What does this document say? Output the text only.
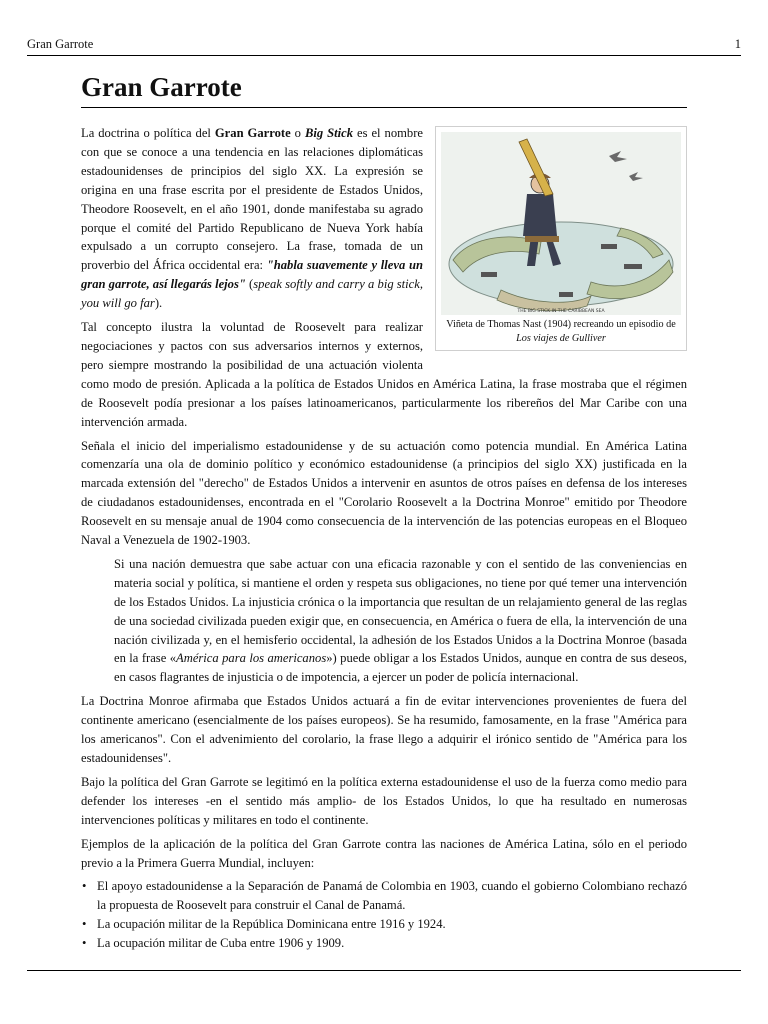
Gran Garrote	1
Gran Garrote
THE BIG STICK IN THE CARIBBEAN SEA
Viñeta de Thomas Nast (1904) recreando un episodio de Los viajes de Gulliver

La doctrina o política del Gran Garrote o Big Stick es el nombre con que se conoce a una tendencia en las relaciones diplomáticas estadounidenses de principios del siglo XX. La expresión se origina en una frase escrita por el presidente de Estados Unidos, Theodore Roosevelt, en el año 1901, donde manifestaba su agrado porque el comité del Partido Republicano de Nueva York había expulsado a un corrupto consejero. La frase, tomada de un proverbio del África occidental era: "habla suavemente y lleva un gran garrote, así llegarás lejos" (speak softly and carry a big stick, you will go far).

Tal concepto ilustra la voluntad de Roosevelt para realizar negociaciones y pactos con sus adversarios internos y externos, pero siempre mostrando la posibilidad de una actuación violenta como modo de presión. Aplicada a la política de Estados Unidos en América Latina, la frase mostraba que el régimen de Roosevelt podía presionar a los países latinoamericanos, particularmente los ribereños del Mar Caribe con una intervención armada.

Señala el inicio del imperialismo estadounidense y de su actuación como potencia mundial. En América Latina comenzaría una ola de dominio político y económico estadounidense (a principios del siglo XX) justificada en la marcada extensión del "derecho" de Estados Unidos a intervenir en asuntos de otros países en defensa de los intereses de ciudadanos estadounidenses, encontrada en el "Corolario Roosevelt a la Doctrina Monroe" emitido por Theodore Roosevelt en su mensaje anual de 1904 como consecuencia de la intervención de las potencias europeas en el Bloqueo Naval a Venezuela de 1902-1903.

Si una nación demuestra que sabe actuar con una eficacia razonable y con el sentido de las conveniencias en materia social y política, si mantiene el orden y respeta sus obligaciones, no tiene por qué temer una intervención de los Estados Unidos. La injusticia crónica o la importancia que resultan de un relajamiento general de las reglas de una sociedad civilizada pueden exigir que, en consecuencia, en América o fuera de ella, la intervención de una nación civilizada y, en el hemisferio occidental, la adhesión de los Estados Unidos a la Doctrina Monroe (basada en la frase «América para los americanos») puede obligar a los Estados Unidos, aunque en contra de sus deseos, en casos flagrantes de injusticia o de impotencia, a ejercer un poder de policía internacional.

La Doctrina Monroe afirmaba que Estados Unidos actuará a fin de evitar intervenciones provenientes de fuera del continente americano (esencialmente de los países europeos). Se ha resumido, famosamente, en la frase "América para los americanos". Con el advenimiento del corolario, la frase llego a adquirir el irónico sentido de "América para los estadounidenses".

Bajo la política del Gran Garrote se legitimó en la política externa estadounidense el uso de la fuerza como medio para defender los intereses -en el sentido más amplio- de los Estados Unidos, lo que ha resultado en numerosas intervenciones políticas y militares en todo el continente.

Ejemplos de la aplicación de la política del Gran Garrote contra las naciones de América Latina, sólo en el periodo previo a la Primera Guerra Mundial, incluyen:

• El apoyo estadounidense a la Separación de Panamá de Colombia en 1903, cuando el gobierno Colombiano rechazó la propuesta de Roosevelt para construir el Canal de Panamá.
• La ocupación militar de la República Dominicana entre 1916 y 1924.
• La ocupación militar de Cuba entre 1906 y 1909.
